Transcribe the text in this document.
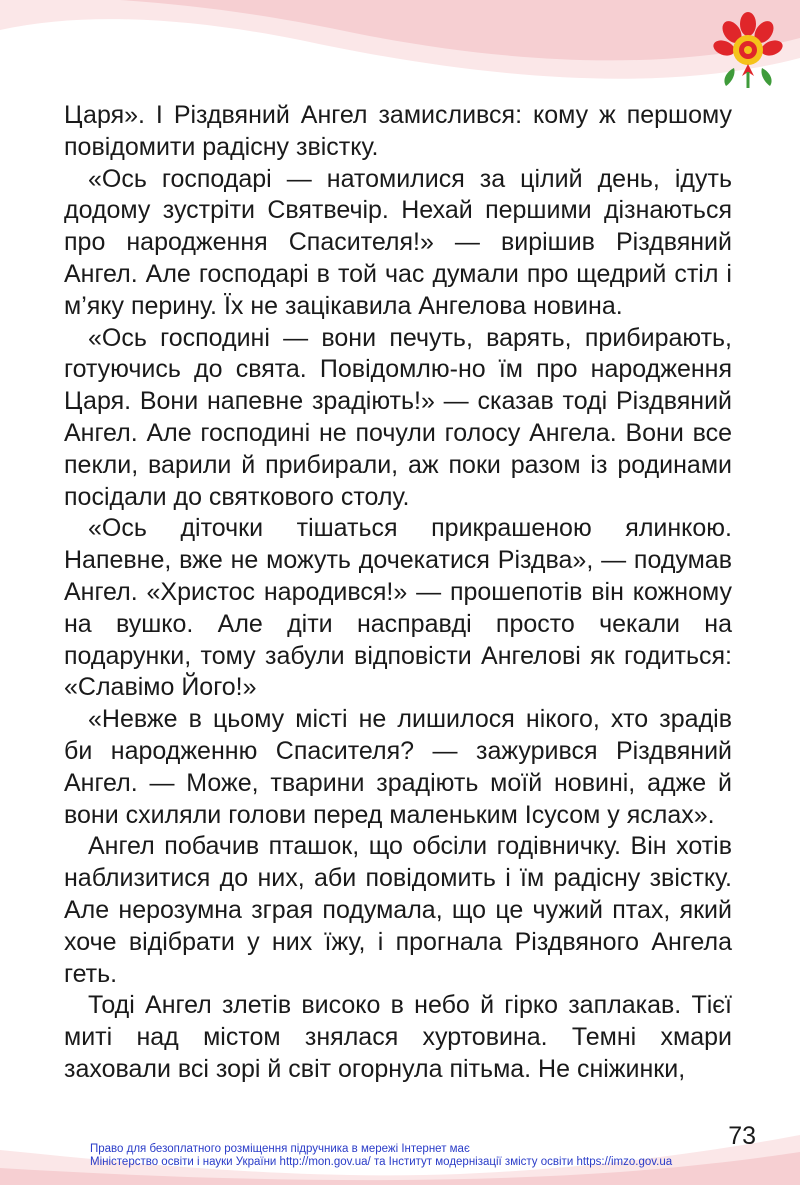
Царя». І Різдвяний Ангел замислився: кому ж першому повідомити радісну звістку.

«Ось господарі — натомилися за цілий день, ідуть додому зустріти Святвечір. Нехай першими дізнаються про народження Спасителя!» — вирішив Різдвяний Ангел. Але господарі в той час думали про щедрий стіл і м’яку перину. Їх не зацікавила Ангелова новина.

«Ось господині — вони печуть, варять, прибирають, готуючись до свята. Повідомлю-но їм про народження Царя. Вони напевне зрадіють!» — сказав тоді Різдвяний Ангел. Але господині не почули голосу Ангела. Вони все пекли, варили й прибирали, аж поки разом із родинами посідали до святкового столу.

«Ось діточки тішаться прикрашеною ялинкою. Напевне, вже не можуть дочекатися Різдва», — подумав Ангел. «Христос народився!» — прошепотів він кожному на вушко. Але діти насправді просто чекали на подарунки, тому забули відповісти Ангелові як годиться: «Славімо Його!»

«Невже в цьому місті не лишилося нікого, хто зрадів би народженню Спасителя? — зажурився Різдвяний Ангел. — Може, тварини зрадіють моїй новині, адже й вони схиляли голови перед маленьким Ісусом у яслах».

Ангел побачив пташок, що обсіли годівничку. Він хотів наблизитися до них, аби повідомить і їм радісну звістку. Але нерозумна зграя подумала, що це чужий птах, який хоче відібрати у них їжу, і прогнала Різдвяного Ангела геть.

Тоді Ангел злетів високо в небо й гірко заплакав. Тієї миті над містом знялася хуртовина. Темні хмари заховали всі зорі й світ огорнула пітьма. Не сніжинки,

73
Право для безоплатного розміщення підручника в мережі Інтернет має
Міністерство освіти і науки України http://mon.gov.ua/ та Інститут модернізації змісту освіти https://imzo.gov.ua
